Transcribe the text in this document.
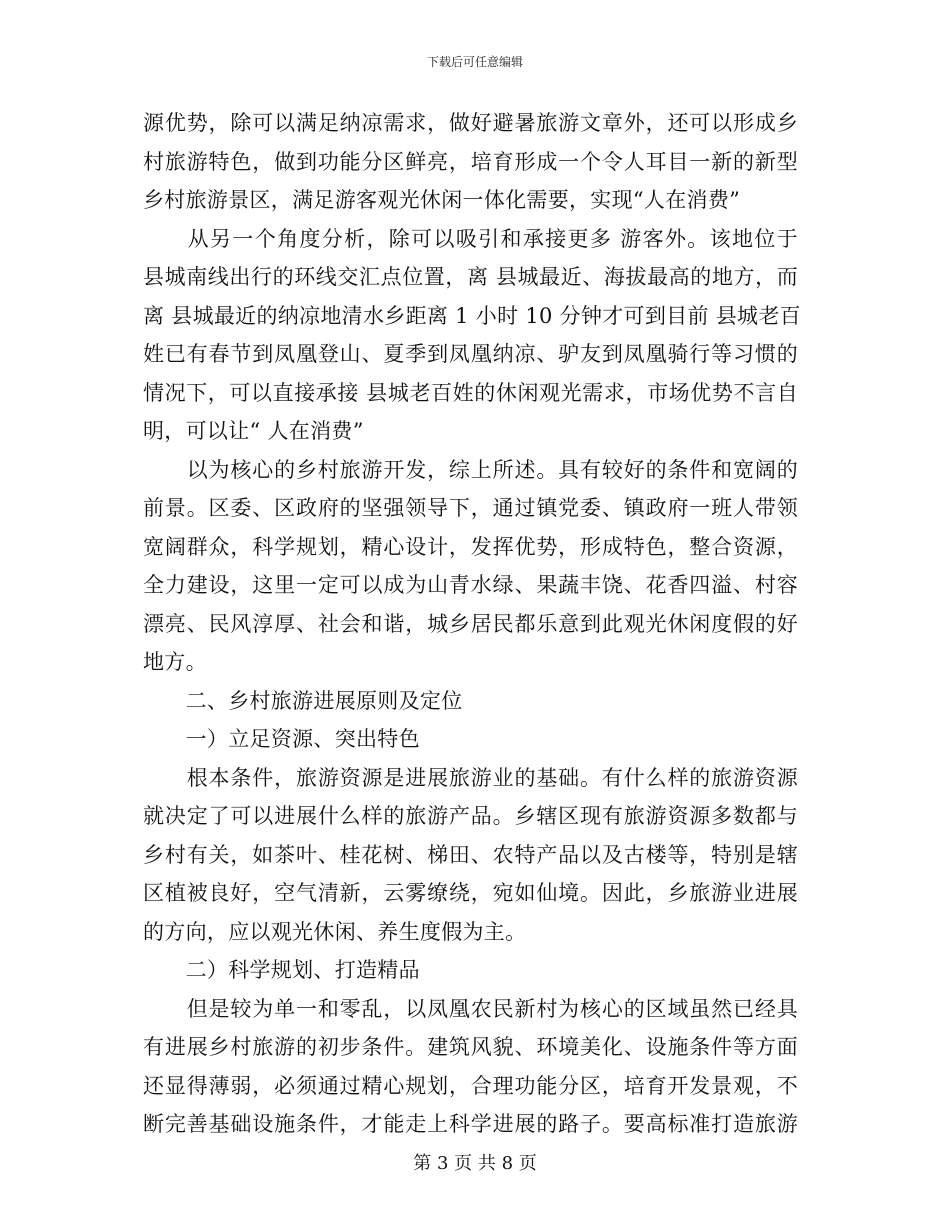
下载后可任意编辑
源优势，除可以满足纳凉需求，做好避暑旅游文章外，还可以形成乡
村旅游特色，做到功能分区鲜亮，培育形成一个令人耳目一新的新型
乡村旅游景区，满足游客观光休闲一体化需要，实现“人在消费”
　　从另一个角度分析，除可以吸引和承接更多 游客外。该地位于
县城南线出行的环线交汇点位置，离 县城最近、海拔最高的地方，而
离 县城最近的纳凉地清水乡距离 1 小时 10 分钟才可到目前 县城老百
姓已有春节到凤凰登山、夏季到凤凰纳凉、驴友到凤凰骑行等习惯的
情况下，可以直接承接 县城老百姓的休闲观光需求，市场优势不言自
明，可以让“ 人在消费”
　　以为核心的乡村旅游开发，综上所述。具有较好的条件和宽阔的
前景。区委、区政府的坚强领导下，通过镇党委、镇政府一班人带领
宽阔群众，科学规划，精心设计，发挥优势，形成特色，整合资源，
全力建设，这里一定可以成为山青水绿、果蔬丰饶、花香四溢、村容
漂亮、民风淳厚、社会和谐，城乡居民都乐意到此观光休闲度假的好
地方。
　　二、乡村旅游进展原则及定位
　　一）立足资源、突出特色
　　根本条件，旅游资源是进展旅游业的基础。有什么样的旅游资源
就决定了可以进展什么样的旅游产品。乡辖区现有旅游资源多数都与
乡村有关，如茶叶、桂花树、梯田、农特产品以及古楼等，特别是辖
区植被良好，空气清新，云雾缭绕，宛如仙境。因此，乡旅游业进展
的方向，应以观光休闲、养生度假为主。
　　二）科学规划、打造精品
　　但是较为单一和零乱，以凤凰农民新村为核心的区域虽然已经具
有进展乡村旅游的初步条件。建筑风貌、环境美化、设施条件等方面
还显得薄弱，必须通过精心规划，合理功能分区，培育开发景观，不
断完善基础设施条件，才能走上科学进展的路子。要高标准打造旅游
第 3 页 共 8 页
